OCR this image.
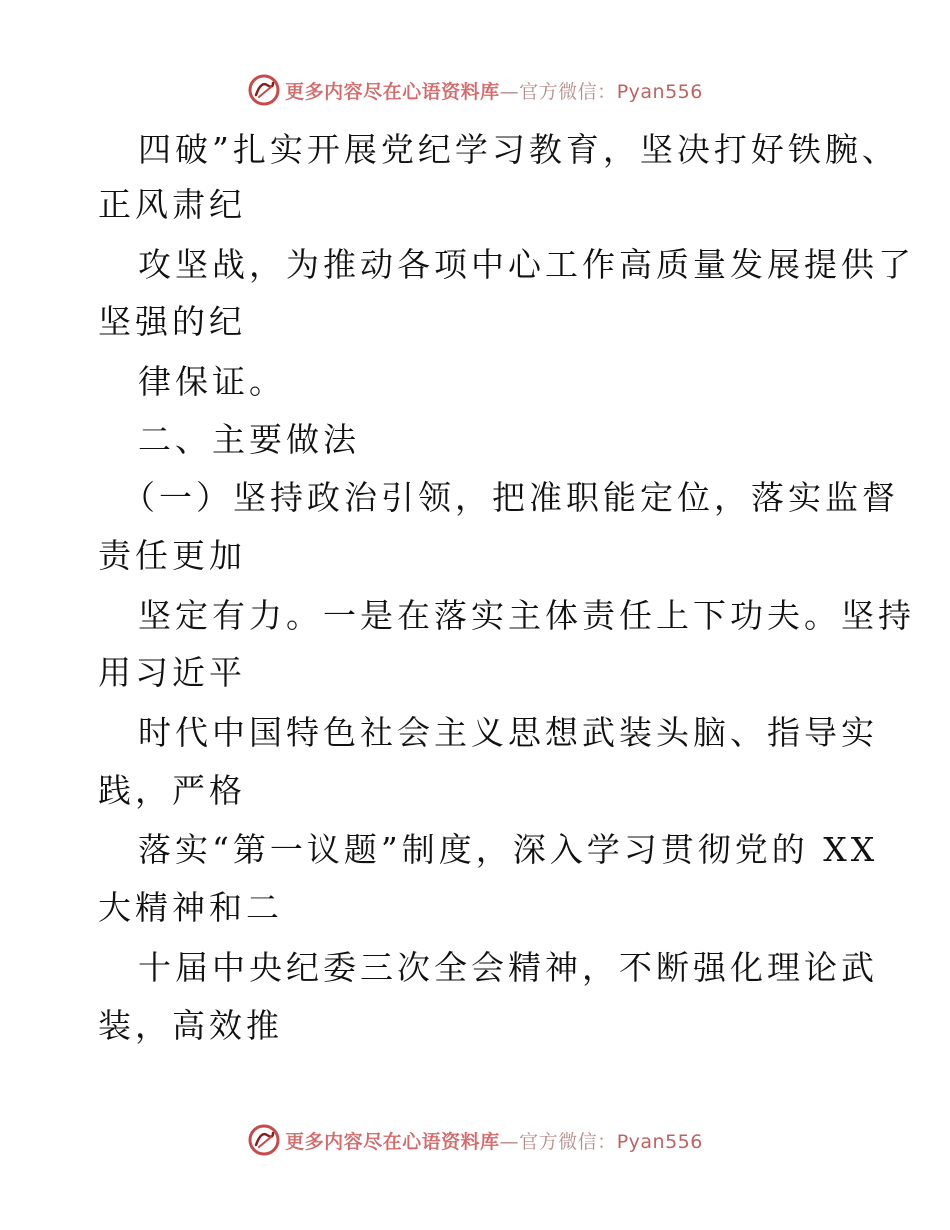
更多内容尽在心语资料库—官方微信：Pyan556
四破”扎实开展党纪学习教育，坚决打好铁腕、
正风肃纪
攻坚战，为推动各项中心工作高质量发展提供了
坚强的纪
律保证。
二、主要做法
（一）坚持政治引领，把准职能定位，落实监督
责任更加
坚定有力。一是在落实主体责任上下功夫。坚持
用习近平
时代中国特色社会主义思想武装头脑、指导实
践，严格
落实“第一议题”制度，深入学习贯彻党的 XX
大精神和二
十届中央纪委三次全会精神，不断强化理论武
装，高效推
更多内容尽在心语资料库—官方微信：Pyan556
